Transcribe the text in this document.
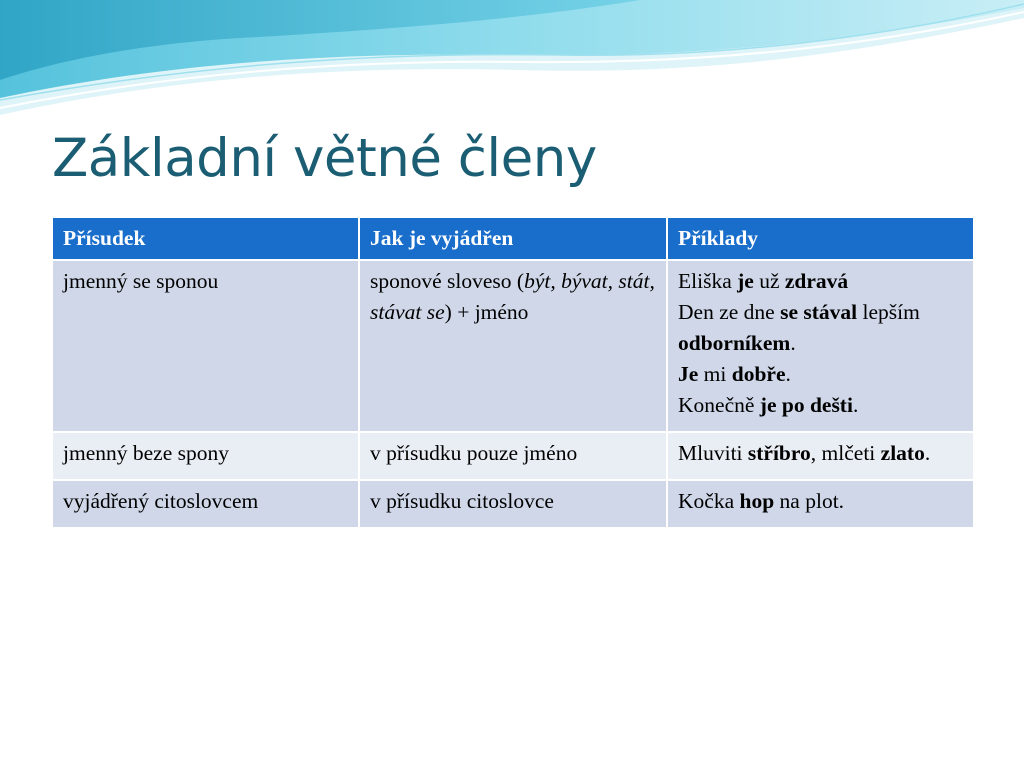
Základní větné členy
Přísudek	Jak je vyjádřen	Příklady
jmenný se sponou	sponové sloveso (být, bývat, stát, stávat se) + jméno	Eliška je už zdravá
Den ze dne se stával lepším odborníkem.
Je mi dobře.
Konečně je po dešti.

jmenný beze spony	v přísudku pouze jméno	Mluviti stříbro, mlčeti zlato.

vyjádřený citoslovcem	v přísudku citoslovce	Kočka hop na plot.
